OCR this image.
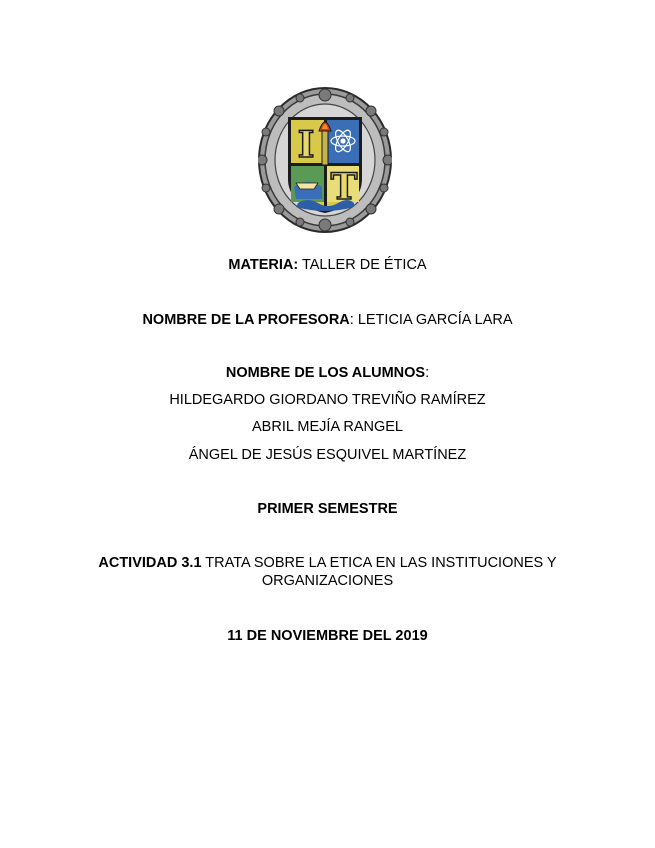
I
T
MATERIA: TALLER DE ÉTICA
NOMBRE DE LA PROFESORA: LETICIA GARCÍA LARA
NOMBRE DE LOS ALUMNOS:
HILDEGARDO GIORDANO TREVIÑO RAMÍREZ
ABRIL MEJÍA RANGEL
ÁNGEL DE JESÚS ESQUIVEL MARTÍNEZ
PRIMER SEMESTRE
ACTIVIDAD 3.1 TRATA SOBRE LA ETICA EN LAS INSTITUCIONES Y ORGANIZACIONES
11 DE NOVIEMBRE DEL 2019
